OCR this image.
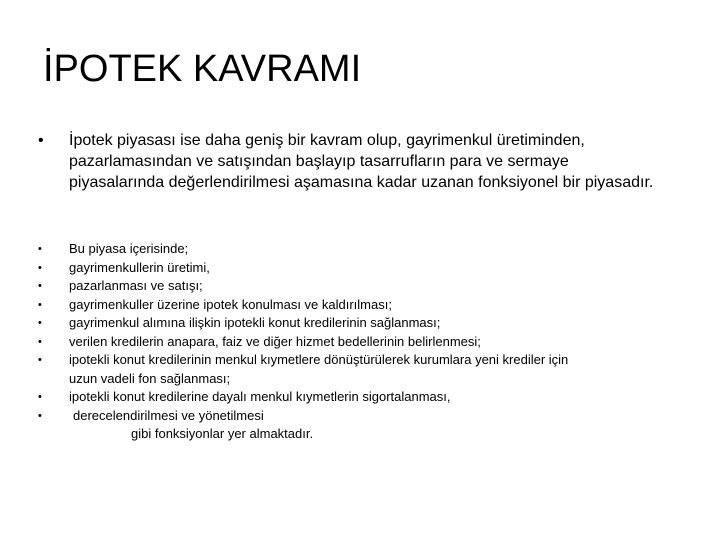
İPOTEK KAVRAMI
• İpotek piyasası ise daha geniş bir kavram olup, gayrimenkul üretiminden, pazarlamasından ve satışından başlayıp tasarrufların para ve sermaye piyasalarında değerlendirilmesi aşamasına kadar uzanan fonksiyonel bir piyasadır.
• Bu piyasa içerisinde;
• gayrimenkullerin üretimi,
• pazarlanması ve satışı;
• gayrimenkuller üzerine ipotek konulması ve kaldırılması;
• gayrimenkul alımına ilişkin ipotekli konut kredilerinin sağlanması;
• verilen kredilerin anapara, faiz ve diğer hizmet bedellerinin belirlenmesi;
• ipotekli konut kredilerinin menkul kıymetlere dönüştürülerek kurumlara yeni krediler için
uzun vadeli fon sağlanması;
• ipotekli konut kredilerine dayalı menkul kıymetlerin sigortalanması,
• derecelendirilmesi ve yönetilmesi
gibi fonksiyonlar yer almaktadır.
